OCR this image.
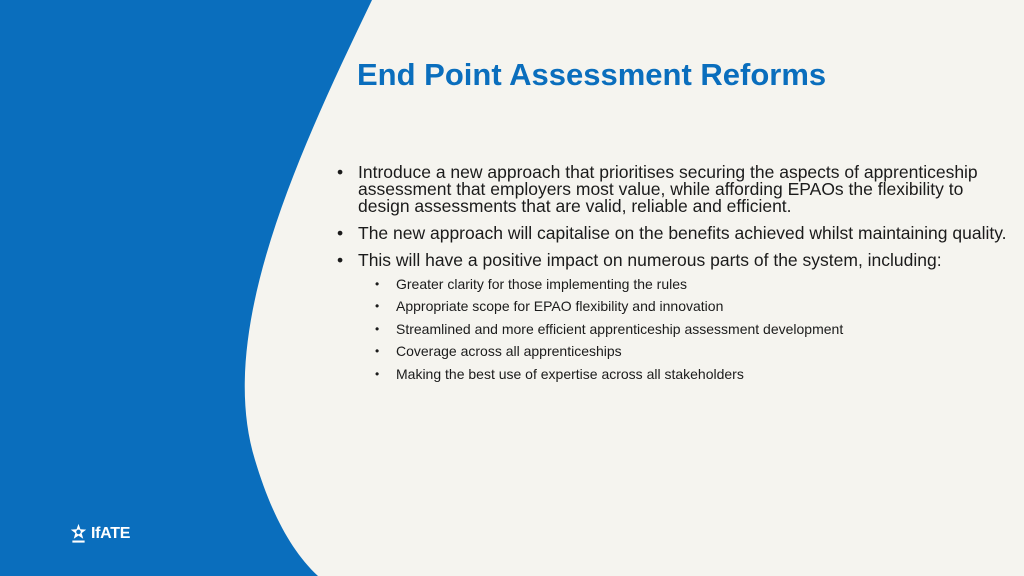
End Point Assessment Reforms
• Introduce a new approach that prioritises securing the aspects of apprenticeship assessment that employers most value, while affording EPAOs the flexibility to design assessments that are valid, reliable and efficient.
• The new approach will capitalise on the benefits achieved whilst maintaining quality.
• This will have a positive impact on numerous parts of the system, including:
• Greater clarity for those implementing the rules
• Appropriate scope for EPAO flexibility and innovation
• Streamlined and more efficient apprenticeship assessment development
• Coverage across all apprenticeships
• Making the best use of expertise across all stakeholders
IfATE
